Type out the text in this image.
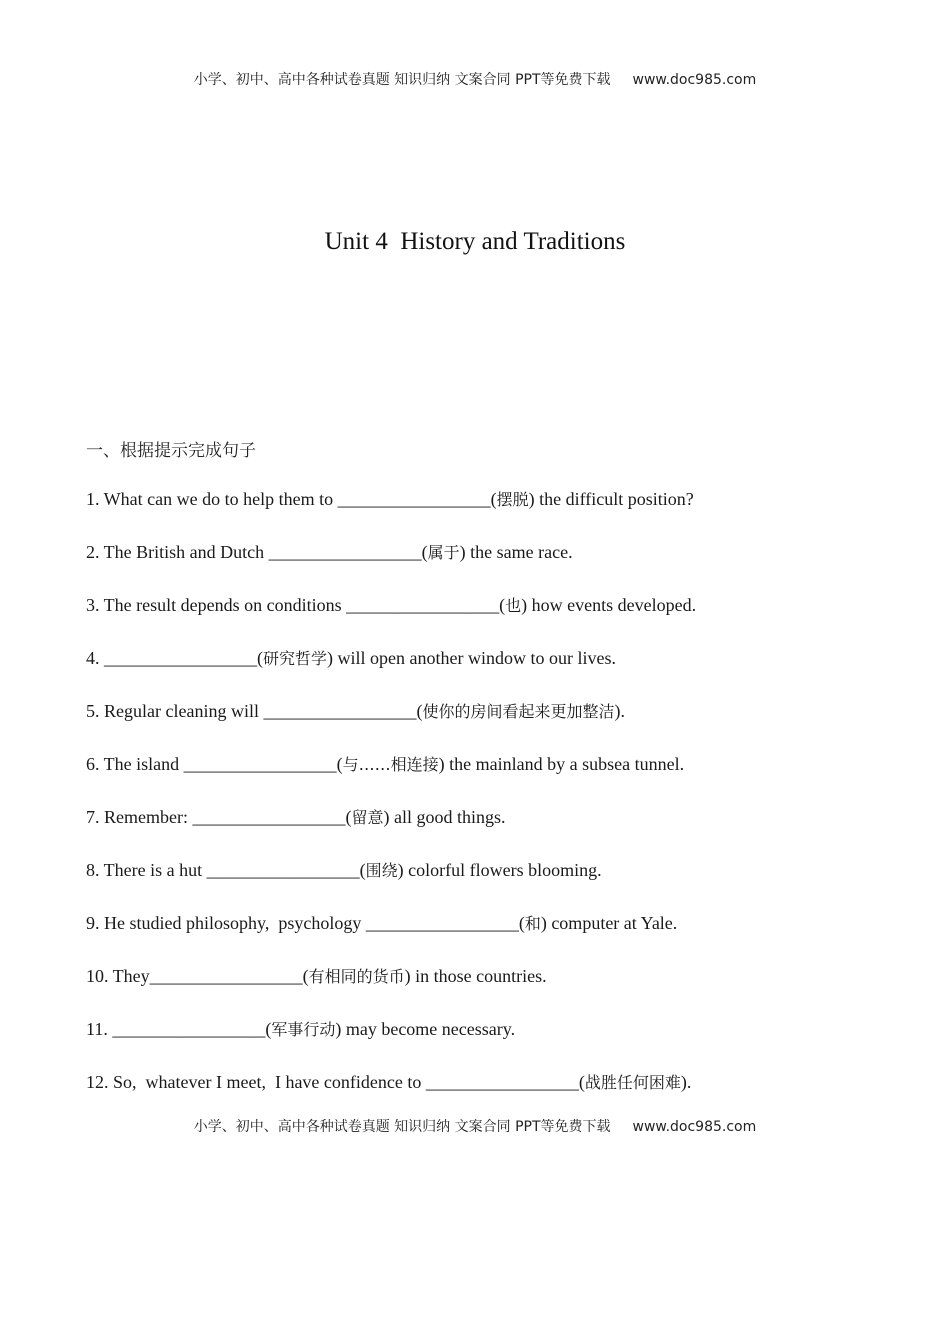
小学、初中、高中各种试卷真题 知识归纳 文案合同 PPT等免费下载 www.doc985.com
Unit 4  History and Traditions
一、根据提示完成句子
1. What can we do to help them to _________________(摆脱) the difficult position?
2. The British and Dutch _________________(属于) the same race.
3. The result depends on conditions _________________(也) how events developed.
4. _________________(研究哲学) will open another window to our lives.
5. Regular cleaning will _________________(使你的房间看起来更加整洁).
6. The island _________________(与……相连接) the mainland by a subsea tunnel.
7. Remember: _________________(留意) all good things.
8. There is a hut _________________(围绕) colorful flowers blooming.
9. He studied philosophy,  psychology _________________(和) computer at Yale.
10. They_________________(有相同的货币) in those countries.
11. _________________(军事行动) may become necessary.
12. So,  whatever I meet,  I have confidence to _________________(战胜任何困难).
小学、初中、高中各种试卷真题 知识归纳 文案合同 PPT等免费下载 www.doc985.com
